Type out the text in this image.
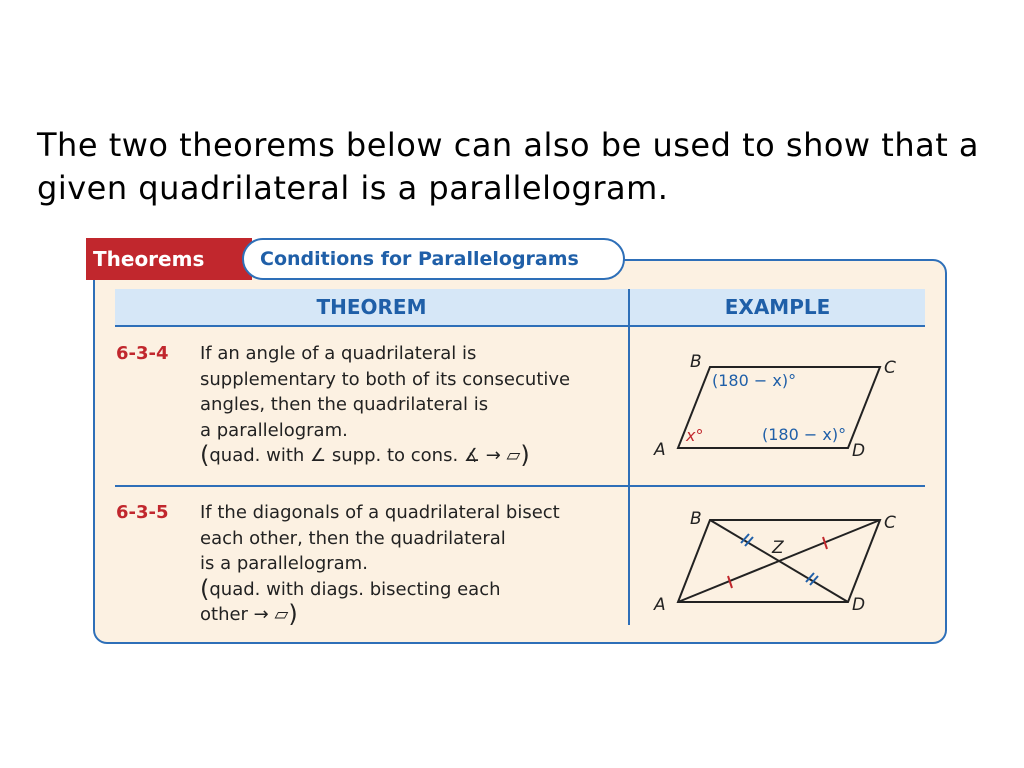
The two theorems below can also be used to show that a given quadrilateral is a parallelogram.

Theorems	Conditions for Parallelograms
THEOREM	EXAMPLE
6-3-4 If an angle of a quadrilateral is

supplementary to both of its consecutive

angles, then the quadrilateral is

a parallelogram.

(quad. with ∠ supp. to cons. ∡ → ▱)

B	C
A	D
(180 − x)°
x°	(180 − x)°
6-3-5 If the diagonals of a quadrilateral bisect

each other, then the quadrilateral

is a parallelogram.

(quad. with diags. bisecting each

other → ▱)

B	C
A	D
Z
